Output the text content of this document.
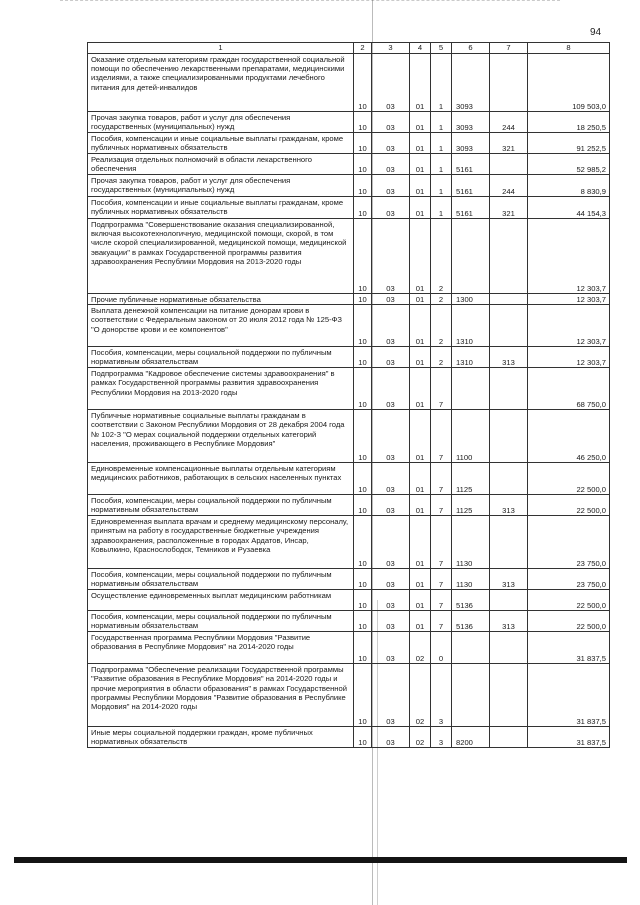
94
1	2	3	4	5	6	7	8
Оказание отдельным категориям граждан государственной социальной помощи по обеспечению лекарственными препаратами, медицинскими изделиями, а также специализированными продуктами лечебного питания для детей-инвалидов	10	03	01	1	3093		109 503,0
Прочая закупка товаров, работ и услуг для обеспечения государственных (муниципальных) нужд	10	03	01	1	3093	244	18 250,5
Пособия, компенсации и иные социальные выплаты гражданам, кроме публичных нормативных обязательств	10	03	01	1	3093	321	91 252,5
Реализация отдельных полномочий в области лекарственного обеспечения	10	03	01	1	5161		52 985,2
Прочая закупка товаров, работ и услуг для обеспечения государственных (муниципальных) нужд	10	03	01	1	5161	244	8 830,9
Пособия, компенсации и иные социальные выплаты гражданам, кроме публичных нормативных обязательств	10	03	01	1	5161	321	44 154,3
Подпрограмма "Совершенствование оказания специализированной, включая высокотехнологичную, медицинской помощи, скорой, в том числе скорой специализированной, медицинской помощи, медицинской эвакуации" в рамках Государственной программы развития здравоохранения Республики Мордовия на 2013-2020 годы	10	03	01	2			12 303,7
Прочие публичные нормативные обязательства	10	03	01	2	1300		12 303,7
Выплата денежной компенсации на питание донорам крови в соответствии с Федеральным законом от 20 июля 2012 года № 125-ФЗ "О донорстве крови и ее компонентов"	10	03	01	2	1310		12 303,7
Пособия, компенсации, меры социальной поддержки по публичным нормативным обязательствам	10	03	01	2	1310	313	12 303,7
Подпрограмма "Кадровое обеспечение системы здравоохранения" в рамках Государственной программы развития здравоохранения Республики Мордовия на 2013-2020 годы	10	03	01	7			68 750,0
Публичные нормативные социальные выплаты гражданам в соответствии с Законом Республики Мордовия от 28 декабря 2004 года № 102-З "О мерах социальной поддержки отдельных категорий населения, проживающего в Республике Мордовия"	10	03	01	7	1100		46 250,0
Единовременные компенсационные выплаты отдельным категориям медицинских работников, работающих в сельских населенных пунктах	10	03	01	7	1125		22 500,0
Пособия, компенсации, меры социальной поддержки по публичным нормативным обязательствам	10	03	01	7	1125	313	22 500,0
Единовременная выплата врачам и среднему медицинскому персоналу, принятым на работу в государственные бюджетные учреждения здравоохранения, расположенные в городах Ардатов, Инсар, Ковылкино, Краснослободск, Темников и Рузаевка	10	03	01	7	1130		23 750,0
Пособия, компенсации, меры социальной поддержки по публичным нормативным обязательствам	10	03	01	7	1130	313	23 750,0
Осуществление единовременных выплат медицинским работникам	10	03	01	7	5136		22 500,0
Пособия, компенсации, меры социальной поддержки по публичным нормативным обязательствам	10	03	01	7	5136	313	22 500,0
Государственная программа Республики Мордовия "Развитие образования в Республике Мордовия" на 2014-2020 годы	10	03	02	0			31 837,5
Подпрограмма "Обеспечение реализации Государственной программы "Развитие образования в Республике Мордовия" на 2014-2020 годы и прочие мероприятия в области образования" в рамках Государственной программы Республики Мордовия "Развитие образования в Республике Мордовия" на 2014-2020 годы	10	03	02	3			31 837,5
Иные меры социальной поддержки граждан, кроме публичных нормативных обязательств	10	03	02	3	8200		31 837,5
